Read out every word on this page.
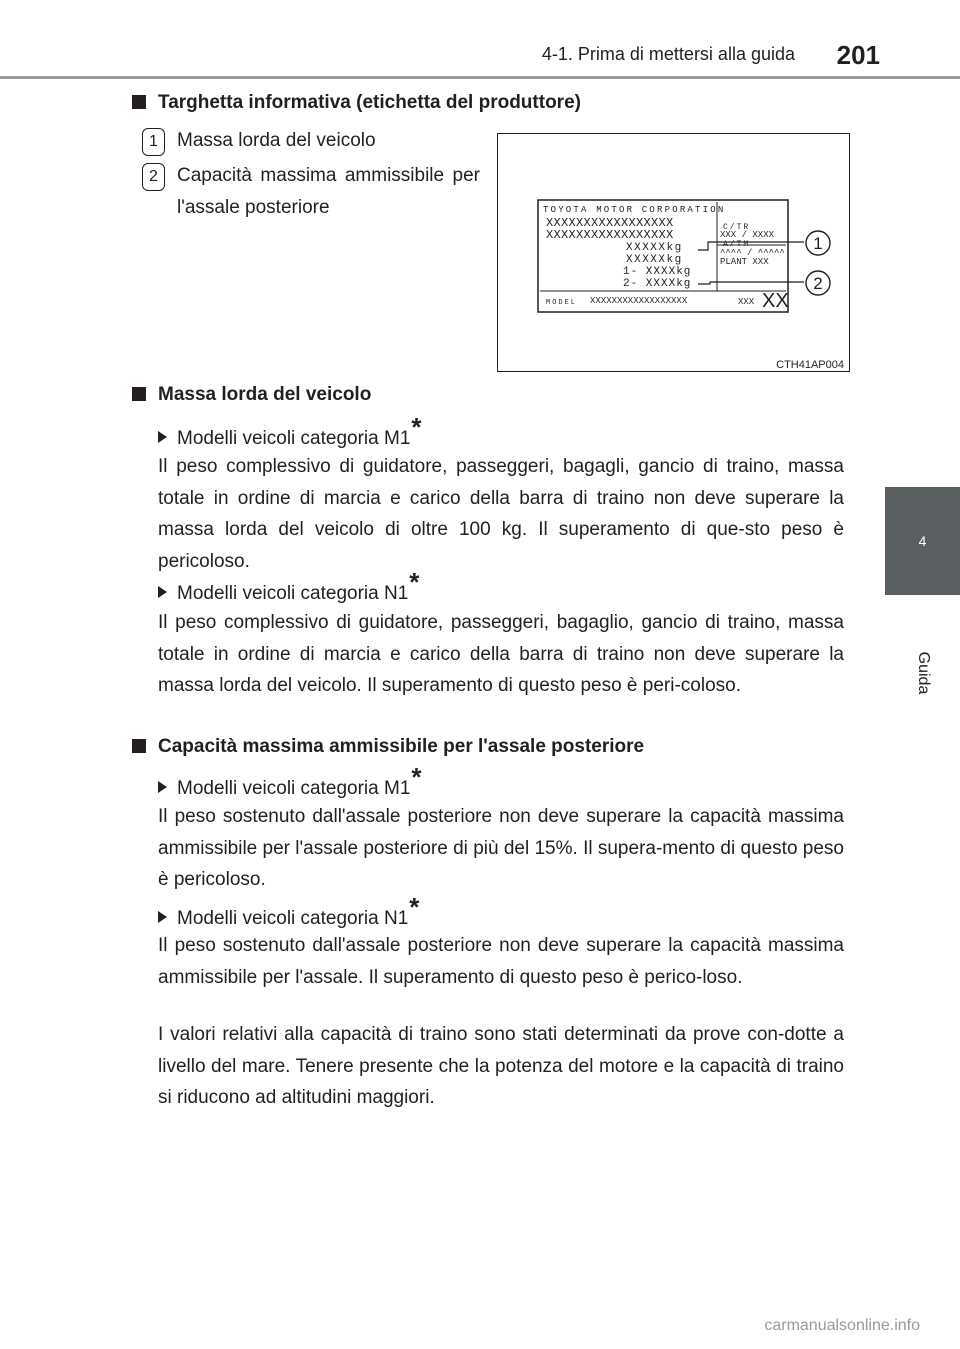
4-1. Prima di mettersi alla guida 201
4
Guida
Targhetta informativa (etichetta del produttore)
1	Massa lorda del veicolo
2	Capacità massima ammissibile per l'assale posteriore	TOYOTA MOTOR CORPORATION
XXXXXXXXXXXXXXXXX
XXXXXXXXXXXXXXXXX
XXXXXkg
XXXXXkg
1- XXXXkg
2- XXXXkg
C/TR
XXX / XXXX
A/TM
^^^^ / ^^^^^
PLANT XXX
MODEL XXXXXXXXXXXXXXXXXX	XXX XX
1
2
CTH41AP004
Massa lorda del veicolo
Modelli veicoli categoria M1*
Il peso complessivo di guidatore, passeggeri, bagagli, gancio di traino, massa totale in ordine di marcia e carico della barra di traino non deve superare la massa lorda del veicolo di oltre 100 kg. Il superamento di que-sto peso è pericoloso.
Modelli veicoli categoria N1*
Il peso complessivo di guidatore, passeggeri, bagaglio, gancio di traino, massa totale in ordine di marcia e carico della barra di traino non deve superare la massa lorda del veicolo. Il superamento di questo peso è peri-coloso.
Capacità massima ammissibile per l'assale posteriore
Modelli veicoli categoria M1*
Il peso sostenuto dall'assale posteriore non deve superare la capacità massima ammissibile per l'assale posteriore di più del 15%. Il supera-mento di questo peso è pericoloso.
Modelli veicoli categoria N1*
Il peso sostenuto dall'assale posteriore non deve superare la capacità massima ammissibile per l'assale. Il superamento di questo peso è perico-loso.
I valori relativi alla capacità di traino sono stati determinati da prove con-dotte a livello del mare. Tenere presente che la potenza del motore e la capacità di traino si riducono ad altitudini maggiori.
carmanualsonline.info
